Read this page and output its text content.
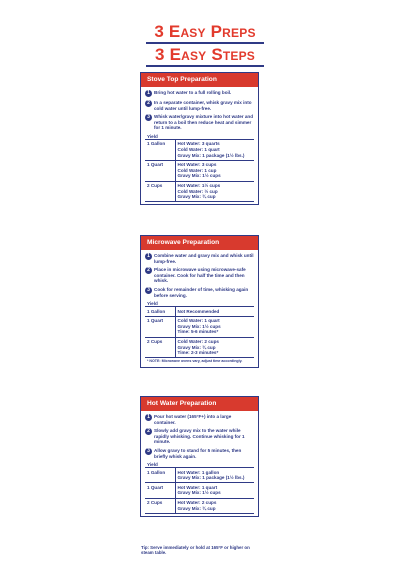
3 Easy Preps
3 Easy Steps
Stove Top Preparation
1 Bring hot water to a full rolling boil.
2 In a separate container, whisk gravy mix into cold water until lump-free.
3 Whisk water/gravy mixture into hot water and return to a boil then reduce heat and simmer for 1 minute.
Yield
1 Gallon	Hot Water: 3 quarts
Cold Water: 1 quart
Gravy Mix: 1 package (1½ lbs.)

1 Quart	Hot Water: 3 cups
Cold Water: 1 cup
Gravy Mix: 1½ cups

2 Cups	Hot Water: 1½ cups
Cold Water: ½ cup
Gravy Mix: ¾ cup
Microwave Preparation
1 Combine water and gravy mix and whisk until lump-free.
2 Place in microwave using microwave-safe container. Cook for half the time and then whisk.
3 Cook for remainder of time, whisking again before serving.
Yield
1 Gallon	Not Recommended

1 Quart	Cold Water: 1 quart
Gravy Mix: 1½ cups
Time: 5-6 minutes*

2 Cups	Cold Water: 2 cups
Gravy Mix: ¾ cup
Time: 2-3 minutes*
* NOTE: Microwave ovens vary, adjust time accordingly.
Hot Water Preparation
1 Pour hot water (165°F+) into a large container.
2 Slowly add gravy mix to the water while rapidly whisking. Continue whisking for 1 minute.
3 Allow gravy to stand for 5 minutes, then briefly whisk again.
Yield
1 Gallon	Hot Water: 1 gallon
Gravy Mix: 1 package (1½ lbs.)

1 Quart	Hot Water: 1 quart
Gravy Mix: 1½ cups

2 Cups	Hot Water: 2 cups
Gravy Mix: ¾ cup
Tip: Serve immediately or hold at 165°F or higher on steam table.
